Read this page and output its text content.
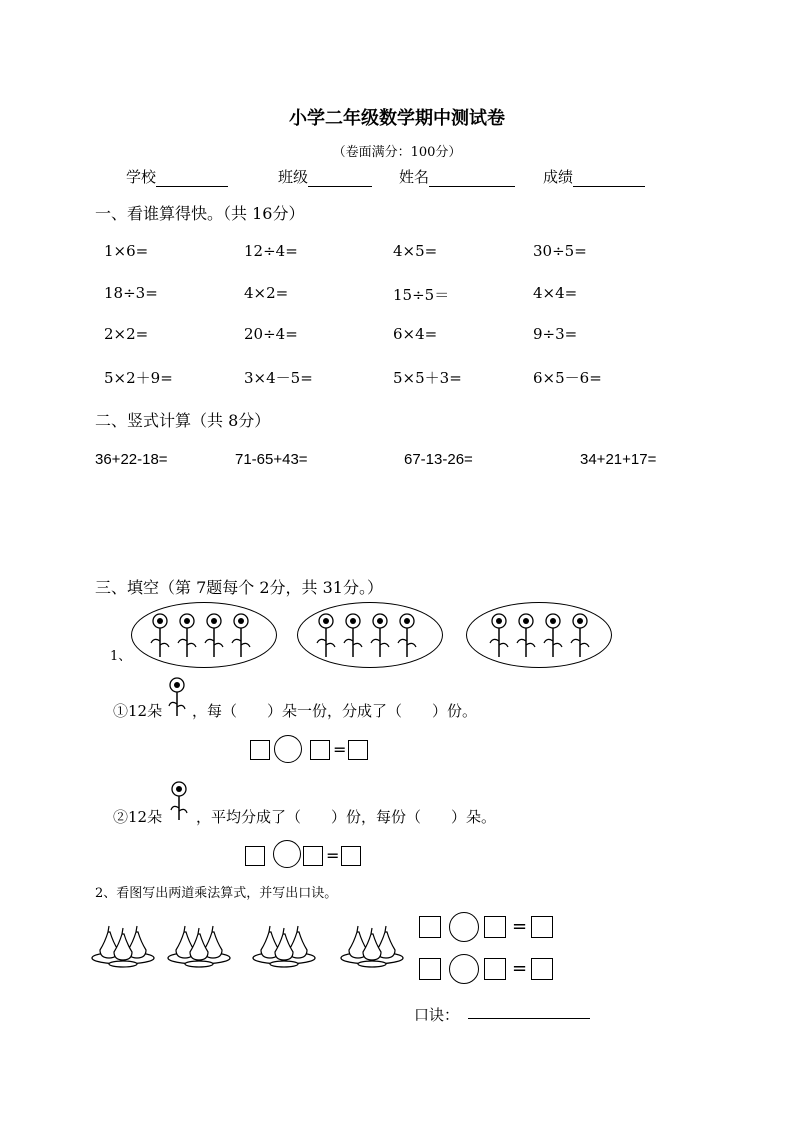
小学二年级数学期中测试卷
（卷面满分：100分）
学校	班级	姓名	成绩
一、看谁算得快。（共 16分）
1×6=	12÷4=	4×5=	30÷5=
18÷3=	4×2=	15÷5＝	4×4=
2×2=	20÷4=	6×4=	9÷3=
5×2＋9=	3×4－5=	5×5＋3=	6×5－6=
二、竖式计算（共 8分）
36+22-18=	71-65+43=	67-13-26=	34+21+17=
三、填空（第 7题每个 2分，共 31分。）
1、
①12朵 ，每（　　）朵一份，分成了（　　）份。
=
②12朵 ，平均分成了（　　）份，每份（　　）朵。
=
2、看图写出两道乘法算式，并写出口诀。
=
=
口诀：
